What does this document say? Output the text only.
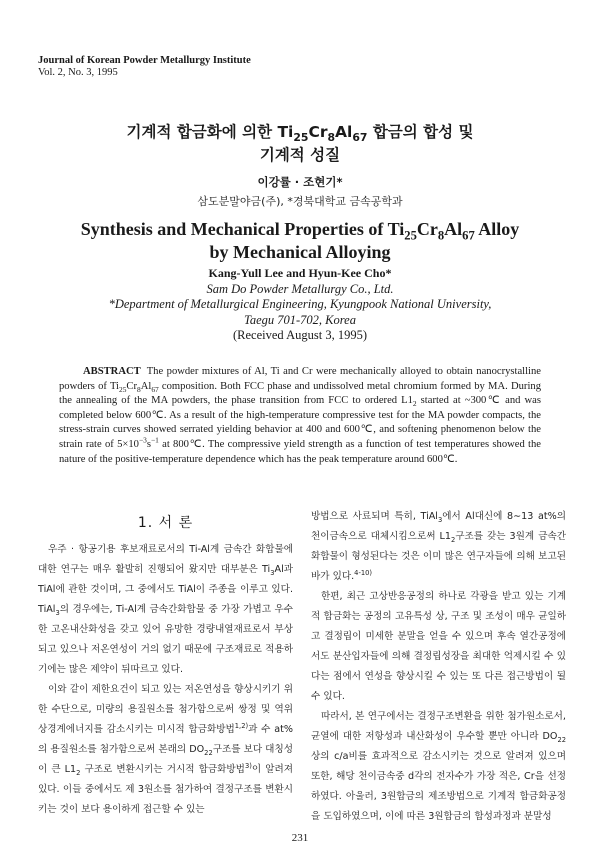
Journal of Korean Powder Metallurgy Institute
Vol. 2, No. 3, 1995
기계적 합금화에 의한 $Ti_{25}Cr_8Al_{67}$ 합금의 합성 및
기계적 성질
이강률 · 조현기*
삼도분말야금(주), *경북대학교 금속공학과
Synthesis and Mechanical Properties of $Ti_{25}Cr_8Al_{67}$ Alloy
by Mechanical Alloying
Kang-Yull Lee and Hyun-Kee Cho*
Sam Do Powder Metallurgy Co., Ltd.
*Department of Metallurgical Engineering, Kyungpook National University,
Taegu 701-702, Korea
(Received August 3, 1995)
ABSTRACT The powder mixtures of Al, Ti and Cr were mechanically alloyed to obtain nanocrystalline powders of $Ti_{25}Cr_8Al_{67}$ composition. Both FCC phase and undissolved metal chromium formed by MA. During the annealing of the MA powders, the phase transition from FCC to ordered $L1_2$ started at ~300℃ and was completed below 600℃. As a result of the high-temperature compressive test for the MA powder compacts, the stress-strain curves showed serrated yielding behavior at 400 and 600℃, and softening phenomenon below the strain rate of $5\times 10^{-3}s^{-1}$ at 800℃. The compressive yield strength as a function of test temperatures showed the nature of the positive-temperature dependence which has the peak temperature around 600℃.
1. 서 론

우주 · 항공기용 후보재료로서의 Ti-Al계 금속간 화합물에 대한 연구는 매우 활발히 진행되어 왔지만 대부분은 $Ti_3Al$과 TiAl에 관한 것이며, 그 중에서도 TiAl이 주종을 이루고 있다. TiAl$_3$의 경우에는, Ti-Al계 금속간화합물 중 가장 가볍고 우수한 고온내산화성을 갖고 있어 유망한 경량내열재료로서 부상되고 있으나 저온연성이 거의 없기 때문에 구조재료로 적용하기에는 많은 제약이 뒤따르고 있다.

이와 같이 제한요건이 되고 있는 저온연성을 향상시키기 위한 수단으로, 미량의 용질원소를 첨가함으로써 쌍정 및 역위상경계에너지를 감소시키는 미시적 합금화방법$^{1,2)}$과 수 at%의 용질원소를 첨가함으로써 본래의 $DO_{22}$구조를 보다 대칭성이 큰 $L1_2$ 구조로 변환시키는 거시적 합금화방법$^{3)}$이 알려져 있다. 이들 중에서도 제 3원소를 첨가하여 결정구조를 변환시키는 것이 보다 용이하게 접근할 수 있는

방법으로 사료되며 특히, TiAl$_3$에서 Al대신에 8∼13 at%의 천이금속으로 대체시킴으로써 $L1_2$구조를 갖는 3원계 금속간화합물이 형성된다는 것은 이미 많은 연구자들에 의해 보고된 바가 있다.$^{4-10)}$

한편, 최근 고상반응공정의 하나로 각광을 받고 있는 기계적 합금화는 공정의 고유특성 상, 구조 및 조성이 매우 균일하고 결정립이 미세한 분말을 얻을 수 있으며 후속 열간공정에서도 분산입자들에 의해 결정립성장을 최대한 억제시킬 수 있다는 점에서 연성을 향상시킬 수 있는 또 다른 접근방법이 될 수 있다.

따라서, 본 연구에서는 결정구조변환을 위한 첨가원소로서, 균열에 대한 저항성과 내산화성이 우수할 뿐만 아니라 $DO_{22}$상의 c/a비를 효과적으로 감소시키는 것으로 알려져 있으며 또한, 해당 천이금속중 d각의 전자수가 가장 적은, Cr을 선정하였다. 아울러, 3원합금의 제조방법으로 기계적 합금화공정을 도입하였으며, 이에 따른 3원합금의 합성과정과 분말성

231
